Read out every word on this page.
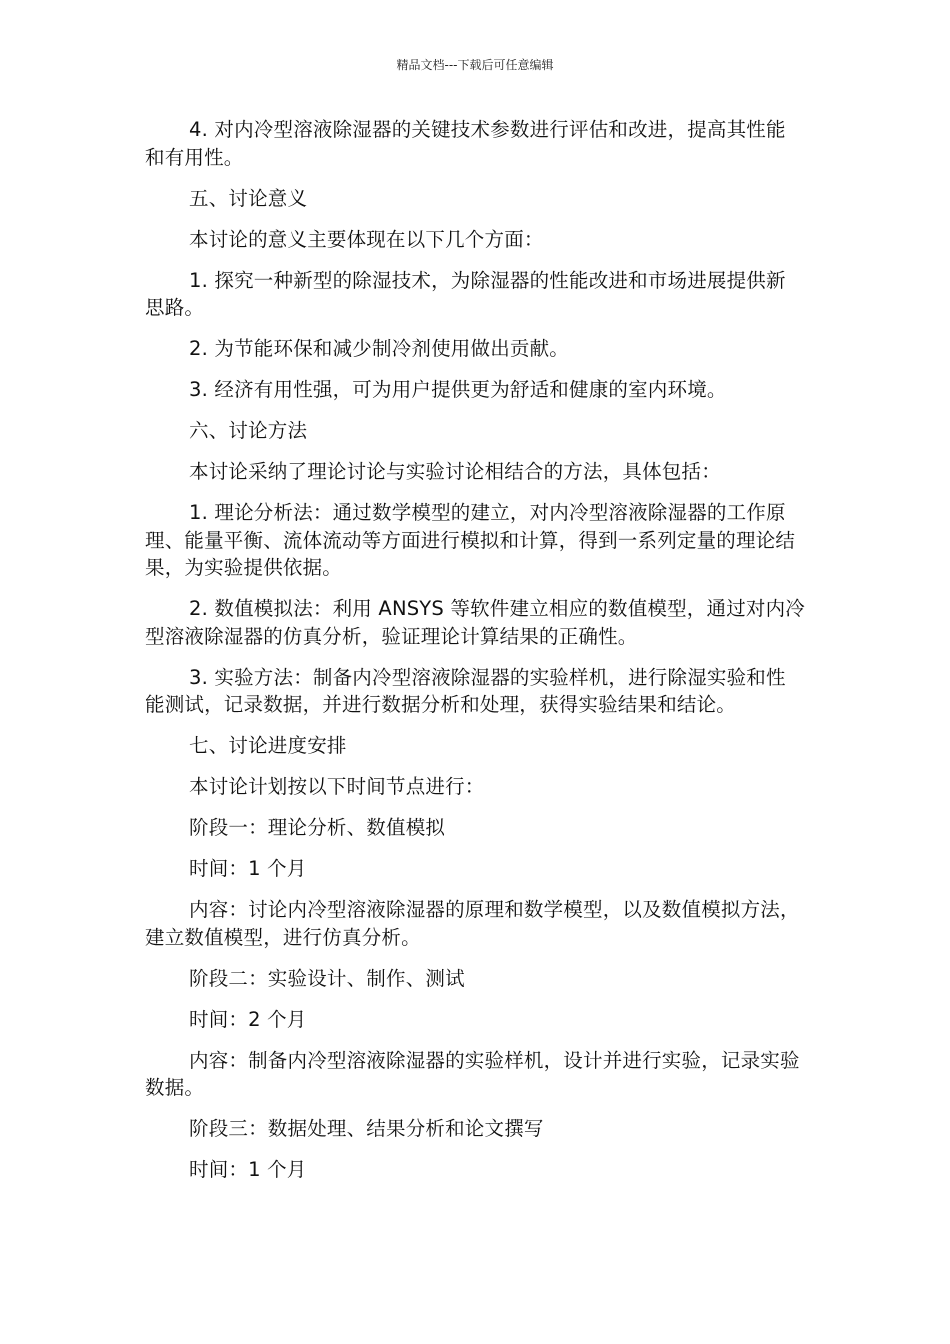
精品文档---下载后可任意编辑

4. 对内冷型溶液除湿器的关键技术参数进行评估和改进，提高其性能和有用性。

五、讨论意义

本讨论的意义主要体现在以下几个方面：

1. 探究一种新型的除湿技术，为除湿器的性能改进和市场进展提供新思路。

2. 为节能环保和减少制冷剂使用做出贡献。

3. 经济有用性强，可为用户提供更为舒适和健康的室内环境。

六、讨论方法

本讨论采纳了理论讨论与实验讨论相结合的方法，具体包括：

1. 理论分析法：通过数学模型的建立，对内冷型溶液除湿器的工作原理、能量平衡、流体流动等方面进行模拟和计算，得到一系列定量的理论结果，为实验提供依据。

2. 数值模拟法：利用 ANSYS 等软件建立相应的数值模型，通过对内冷型溶液除湿器的仿真分析，验证理论计算结果的正确性。

3. 实验方法：制备内冷型溶液除湿器的实验样机，进行除湿实验和性能测试，记录数据，并进行数据分析和处理，获得实验结果和结论。

七、讨论进度安排

本讨论计划按以下时间节点进行：

阶段一：理论分析、数值模拟

时间：1 个月

内容：讨论内冷型溶液除湿器的原理和数学模型，以及数值模拟方法，建立数值模型，进行仿真分析。

阶段二：实验设计、制作、测试

时间：2 个月

内容：制备内冷型溶液除湿器的实验样机，设计并进行实验，记录实验数据。

阶段三：数据处理、结果分析和论文撰写

时间：1 个月
